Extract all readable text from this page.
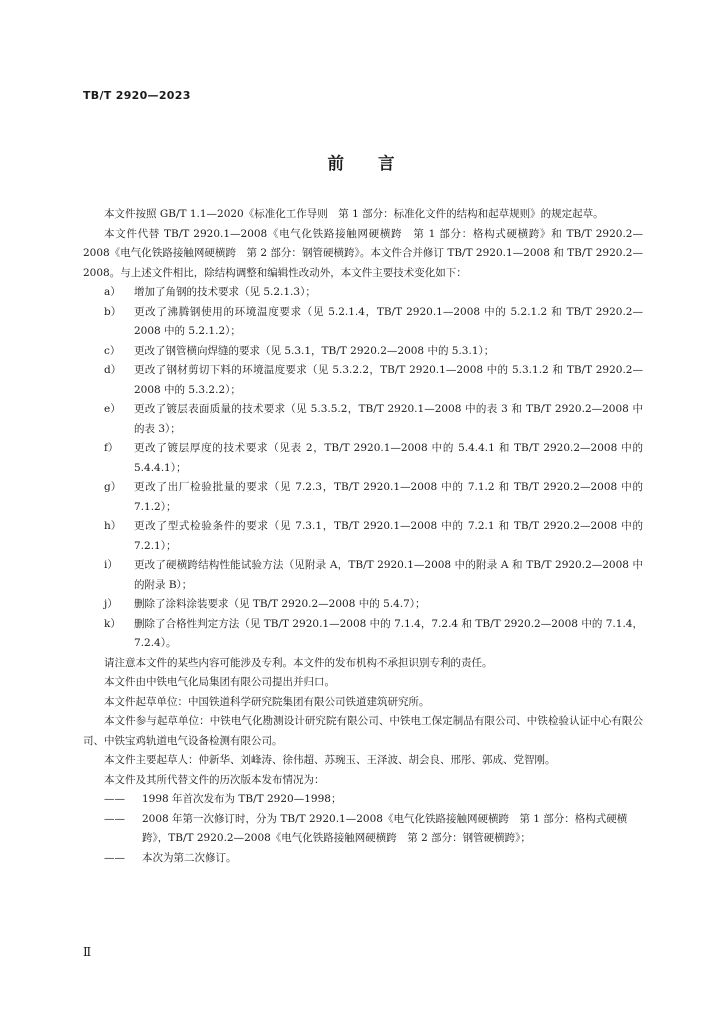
TB/T 2920—2023
前 言

本文件按照 GB/T 1.1—2020《标准化工作导则　第 1 部分：标准化文件的结构和起草规则》的规定起草。

本文件代替 TB/T 2920.1—2008《电气化铁路接触网硬横跨　第 1 部分：格构式硬横跨》和 TB/T 2920.2—2008《电气化铁路接触网硬横跨　第 2 部分：钢管硬横跨》。本文件合并修订 TB/T 2920.1—2008 和 TB/T 2920.2—2008。与上述文件相比，除结构调整和编辑性改动外，本文件主要技术变化如下：

a）	增加了角钢的技术要求（见 5.2.1.3）；
b）	更改了沸腾钢使用的环境温度要求（见 5.2.1.4，TB/T 2920.1—2008 中的 5.2.1.2 和 TB/T 2920.2—2008 中的 5.2.1.2）；
c）	更改了钢管横向焊缝的要求（见 5.3.1，TB/T 2920.2—2008 中的 5.3.1）；
d）	更改了钢材剪切下料的环境温度要求（见 5.3.2.2，TB/T 2920.1—2008 中的 5.3.1.2 和 TB/T 2920.2—2008 中的 5.3.2.2）；
e）	更改了镀层表面质量的技术要求（见 5.3.5.2，TB/T 2920.1—2008 中的表 3 和 TB/T 2920.2—2008 中的表 3）；
f）	更改了镀层厚度的技术要求（见表 2，TB/T 2920.1—2008 中的 5.4.4.1 和 TB/T 2920.2—2008 中的 5.4.4.1）；
g）	更改了出厂检验批量的要求（见 7.2.3，TB/T 2920.1—2008 中的 7.1.2 和 TB/T 2920.2—2008 中的 7.1.2）；
h）	更改了型式检验条件的要求（见 7.3.1，TB/T 2920.1—2008 中的 7.2.1 和 TB/T 2920.2—2008 中的 7.2.1）；
i）	更改了硬横跨结构性能试验方法（见附录 A，TB/T 2920.1—2008 中的附录 A 和 TB/T 2920.2—2008 中的附录 B）；
j）	删除了涂料涂装要求（见 TB/T 2920.2—2008 中的 5.4.7）；
k）	删除了合格性判定方法（见 TB/T 2920.1—2008 中的 7.1.4，7.2.4 和 TB/T 2920.2—2008 中的 7.1.4，7.2.4）。

请注意本文件的某些内容可能涉及专利。本文件的发布机构不承担识别专利的责任。

本文件由中铁电气化局集团有限公司提出并归口。

本文件起草单位：中国铁道科学研究院集团有限公司铁道建筑研究所。

本文件参与起草单位：中铁电气化勘测设计研究院有限公司、中铁电工保定制品有限公司、中铁检验认证中心有限公司、中铁宝鸡轨道电气设备检测有限公司。

本文件主要起草人：仲新华、刘峰涛、徐伟超、苏琬玉、王泽波、胡会良、邢彤、郭成、党智刚。

本文件及其所代替文件的历次版本发布情况为：

——	1998 年首次发布为 TB/T 2920—1998；
——	2008 年第一次修订时，分为 TB/T 2920.1—2008《电气化铁路接触网硬横跨　第 1 部分：格构式硬横跨》，TB/T 2920.2—2008《电气化铁路接触网硬横跨　第 2 部分：钢管硬横跨》；
——	本次为第二次修订。
Ⅱ
